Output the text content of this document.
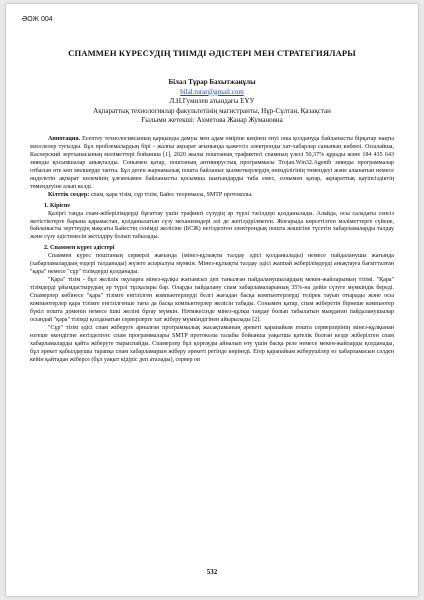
ӘОЖ 004
СПАММЕН КҮРЕСУДІҢ ТИІМДІ ӘДІСТЕРІ МЕН СТРАТЕГИЯЛАРЫ
Білал Тұрар Бахытжанұлы
bilal.turar@gmail.com
Л.Н.Гумилев атындағы ЕҰУ
Ақпараттық технологиялар факультетінің магистранты, Нұр-Сұлтан, Қазақстан
Ғылыми жетекші: Ахметова Жанар Жумановна

Аннотация. Есептеу технологиясының қарқынды дамуы мен адам өміріне кеңінен енуі оны қолдануда байланысты бірқатар нақты мәселелер туғызды. Бұл проблемалардың бірі - жалпы ақпарат ағынында қажетсіз электронды хат-хабарлар санының көбеюі. Осылайша, Касперский зертханасының мәліметтері бойынша [1], 2020 жылы поштаның трафиктегі спамның үлесі 50,37% құрады және 184 435 643 зиянды қосымшалар анықталды. Сонымен қатар, поштаның антивирустық программасы Trojan.Win32.Agentb зиянды программалар отбасын өте көп мөлшерде тапты. Бұл деген жарнамалық пошта байланыс қызметкерлердің өнімділігінің төмендеуі және алынатын немесе өңделетін ақпарат көлемінің ұлғаюымен байланысты қосымша шығындарды таба емес, сонымен қатар, ақпараттық қауіпсіздіктің төмендеуіне алып келді.

Кілттік сөздер: спам, қара тізім, сұр тізім, Байес теоремасы, SMTP протоколы.

1. Кіріспе

Қазіргі таңда спам-жіберілімдерді бұғаттау үшін трафикті сүзудің әр түрлі тәсілдері қолданылады. Алайда, осы саладағы сенсіз жетістіктерге барына қарамастан, қолданылатын сүзу механизмдері әлі де жетілдірілмеген. Жоғарыда көрсетілген мәліметтерге сүйене, байланысты зерттеудің мақсаты Байестің сенімді желісіне (БСЖ) негізделген электрондық пошта жәшігіне түсетін хабарламаларды талдау және сүзу әдістемесін жетілдіру болып табылады.

2. Спаммен күрес әдістері

Спаммен күрес поштаның серверлі жағында (мінез-құлықты талдау әдісі қолданылады) немесе пайдаланушы жағында (хабарламалардың өздері талданады) жүзеге асырылуы мүмкін. Мінез-құлықты талдау әдісі жаппай жіберілімдерді анықтауға бағытталған "қара" немесе "сұр" тізімдерді қолданады.

"Қара" тізім - бұл желілік оқуларға мінез-құлқы жағымсыз деп танылған пайдаланушылардың мекен-жайларының тізімі. "Қара" тізімдерді ұйымдастырудың әр түрлі тұсқалары бар. Оларды пайдалану спам хабарламаларының 35%-на дейін сүзуге мүмкіндік береді. Спамерлер көбінесе "қара" тізімге енгізілген компьютерлерді белгі жағадан басқа компьютерлерді тезірек тауып отырады және осы компьютерлер қара тізімге енгізілгенше тағы да басқа компьютерлер желісін табады. Сонымен қатар, спам жіберетін бірнеше компьютер бүкіл пошта доменін немесе ішкі желіні бұғау мүмкін. Нәтижесінде мінез-құлқы таңдау болып табылатын мыңдаған пайдаланушылар осындай "қара" тізімді қолданатын серверлерге хат жіберу мүмкіндігінен айырылады [2].

"Сұр" тізім әдісі спам жіберуге арналған программалық жасақтаманың әрекеті қарапайым пошта серверлерінің мінез-құлқынан өзгеше екендігіне негізделген: спам программалары SMTP протоколы талабы бойынша уақытша қателік болған кезде жіберілген спам хабарламаларды қайта жіберуге тырыспайды. Спамерлер бұл қорғауды айналып өту үшін басқа реле немесе мекен-жайларды қолданады, бұл әрекет қабылдаушы тарапқа спам хабарламарын жіберу әрекеті ретінде көрінеді. Егер қарапайым жіберушілер өз хабарламасын сәлден кейін қайтадан жіберсе (бұл уақыт кідіріс деп аталады), сервер оп

532
